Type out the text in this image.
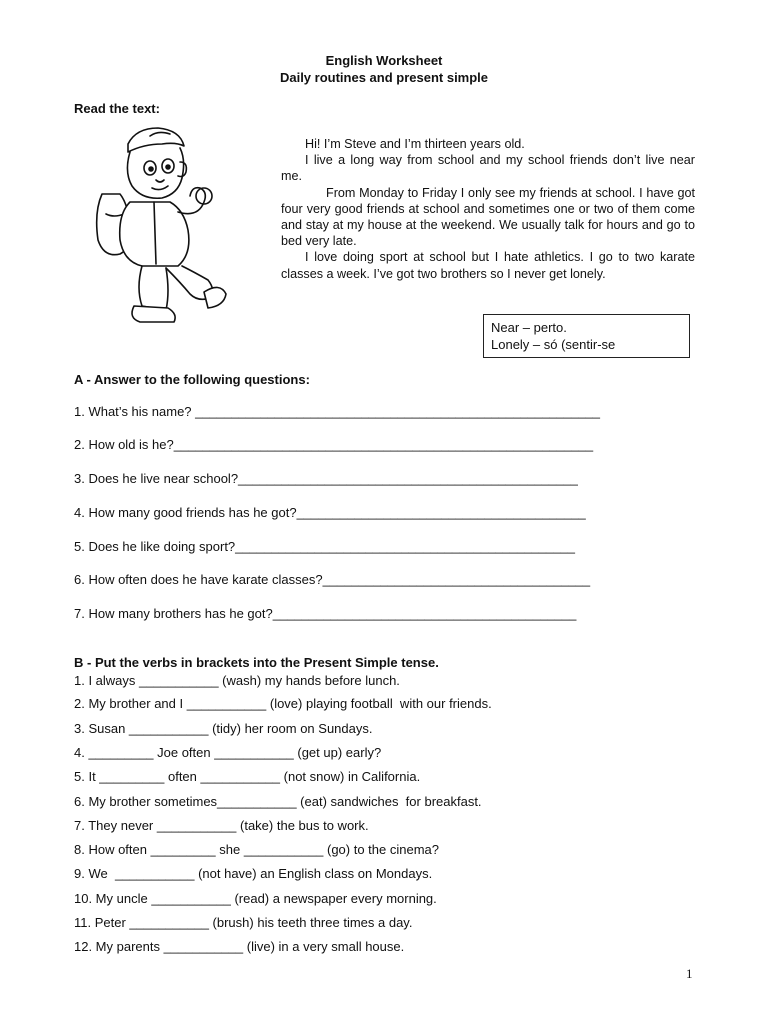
English Worksheet
Daily routines and present simple
Read the text:

Hi! I’m Steve and I’m thirteen years old.

I live a long way from school and my school friends don’t live near me.

From Monday to Friday I only see my friends at school. I have got four very good friends at school and sometimes one or two of them come and stay at my house at the weekend. We usually talk for hours and go to bed very late.

I love doing sport at school but I hate athletics. I go to two karate classes a week. I’ve got two brothers so I never get lonely.

Near – perto.
Lonely – só (sentir-se
A - Answer to the following questions:
1. What’s his name? ________________________________________________________
2. How old is he?__________________________________________________________
3. Does he live near school?_______________________________________________
4. How many good friends has he got?________________________________________
5. Does he like doing sport?_______________________________________________
6. How often does he have karate classes?_____________________________________
7. How many brothers has he got?__________________________________________
B - Put the verbs in brackets into the Present Simple tense.
1. I always ___________ (wash) my hands before lunch.
2. My brother and I ___________ (love) playing football  with our friends.
3. Susan ___________ (tidy) her room on Sundays.
4. _________ Joe often ___________ (get up) early?
5. It _________ often ___________ (not snow) in California.
6. My brother sometimes___________ (eat) sandwiches  for breakfast.
7. They never ___________ (take) the bus to work.
8. How often _________ she ___________ (go) to the cinema?
9. We  ___________ (not have) an English class on Mondays.
10. My uncle ___________ (read) a newspaper every morning.
11. Peter ___________ (brush) his teeth three times a day.
12. My parents ___________ (live) in a very small house.
1
